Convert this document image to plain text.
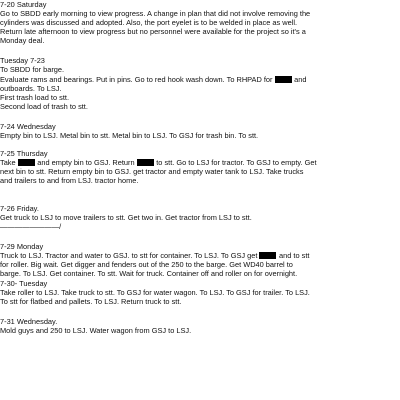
7-20 Saturday
Go to SBDD early morning to view progress. A change in plan that did not involve removing the
cylinders was discussed and adopted. Also, the port eyelet is to be welded in place as well.
Return late afternoon to view progress but no personnel were available for the project so it's a
Monday deal.
Tuesday 7-23
To SBDD for barge.
Evaluate rams and bearings. Put in pins. Go to red hook wash down. To RHPAD for	and
outboards. To LSJ.
First trash load to stt.
Second load of trash to stt.
7-24 Wednesday
Empty bin to LSJ. Metal bin to stt. Metal bin to LSJ. To GSJ for trash bin. To stt.
7-25 Thursday
Take	and empty bin to GSJ. Return	to stt. Go to LSJ for tractor. To GSJ to empty. Get
next bin to stt. Return empty bin to GSJ. get tractor and empty water tank to LSJ. Take trucks
and trailers to and from LSJ. tractor home.
7-26 Friday.
Get truck to LSJ to move trailers to stt. Get two in. Get tractor from LSJ to stt.
————————/
7-29 Monday
Truck to LSJ. Tractor and water to GSJ. to stt for container. To LSJ. To GSJ get	and to stt
for roller. Big wait. Get digger and fenders out of the 250 to the barge. Get WD40 barrel to
barge. To LSJ. Get container. To stt. Wait for truck. Container off and roller on for overnight.
7-30- Tuesday
Take roller to LSJ. Take truck to stt. To GSJ for water wagon. To LSJ. To GSJ for trailer. To LSJ.
To stt for flatbed and pallets. To LSJ. Return truck to stt.
7-31 Wednesday.
Mold guys and 250 to LSJ. Water wagon from GSJ to LSJ.
